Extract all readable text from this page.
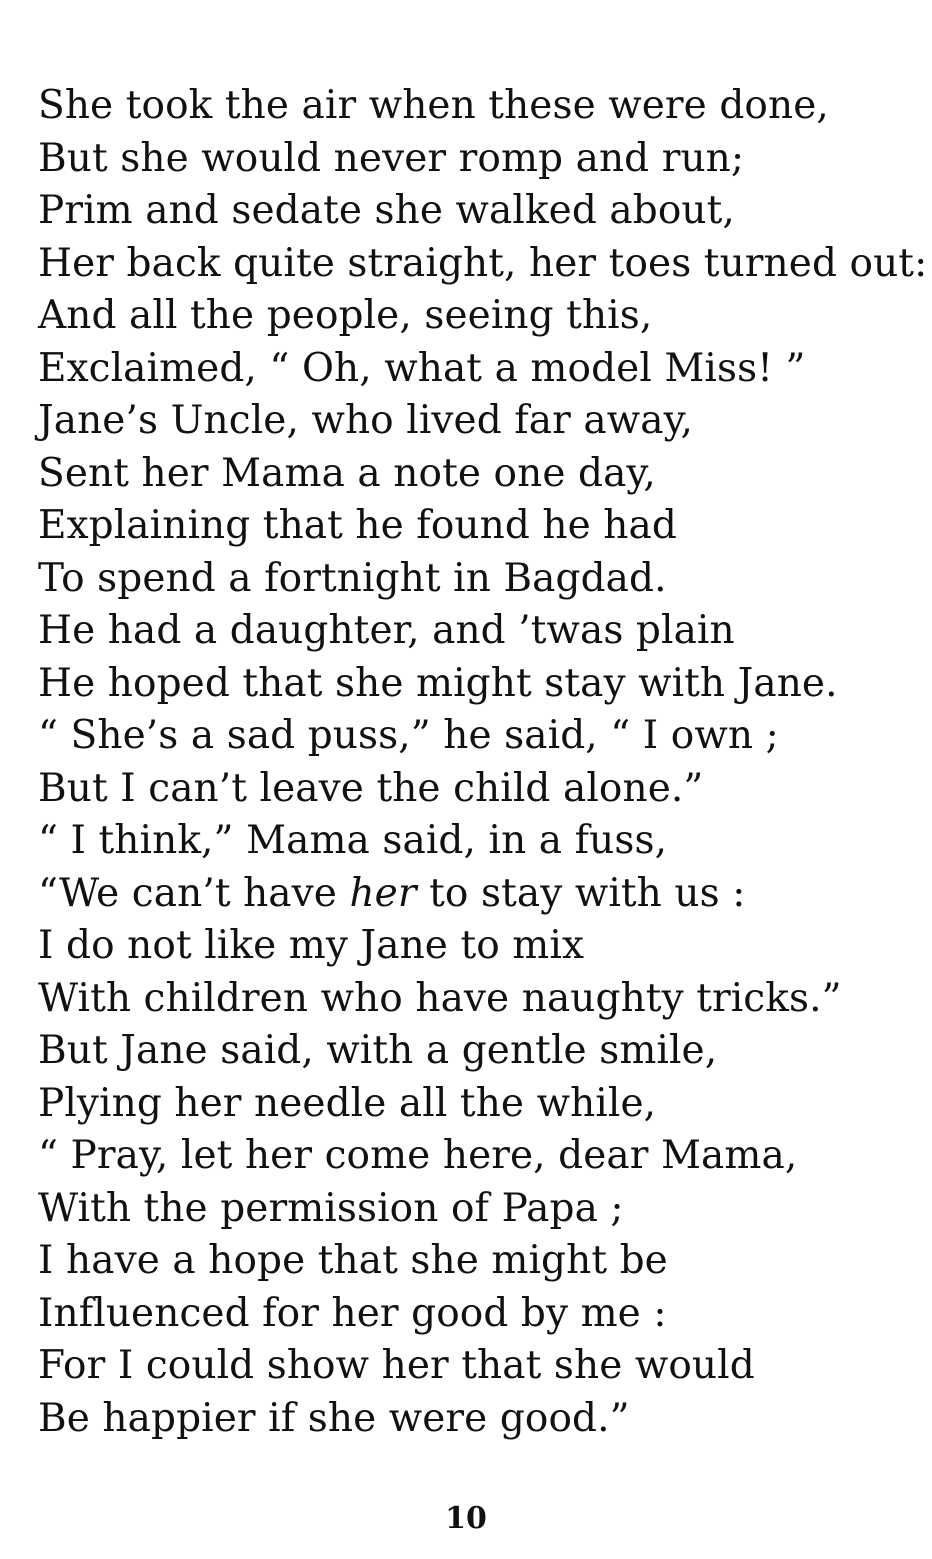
She took the air when these were done,
But she would never romp and run;
Prim and sedate she walked about,
Her back quite straight, her toes turned out:
And all the people, seeing this,
Exclaimed, “ Oh, what a model Miss! ”
Jane’s Uncle, who lived far away,
Sent her Mama a note one day,
Explaining that he found he had
To spend a fortnight in Bagdad.
He had a daughter, and ’twas plain
He hoped that she might stay with Jane.
“ She’s a sad puss,” he said, “ I own ;
But I can’t leave the child alone.”
“ I think,” Mama said, in a fuss,
“We can’t have her to stay with us :
I do not like my Jane to mix
With children who have naughty tricks.”
But Jane said, with a gentle smile,
Plying her needle all the while,
“ Pray, let her come here, dear Mama,
With the permission of Papa ;
I have a hope that she might be
Influenced for her good by me :
For I could show her that she would
Be happier if she were good.”
10
